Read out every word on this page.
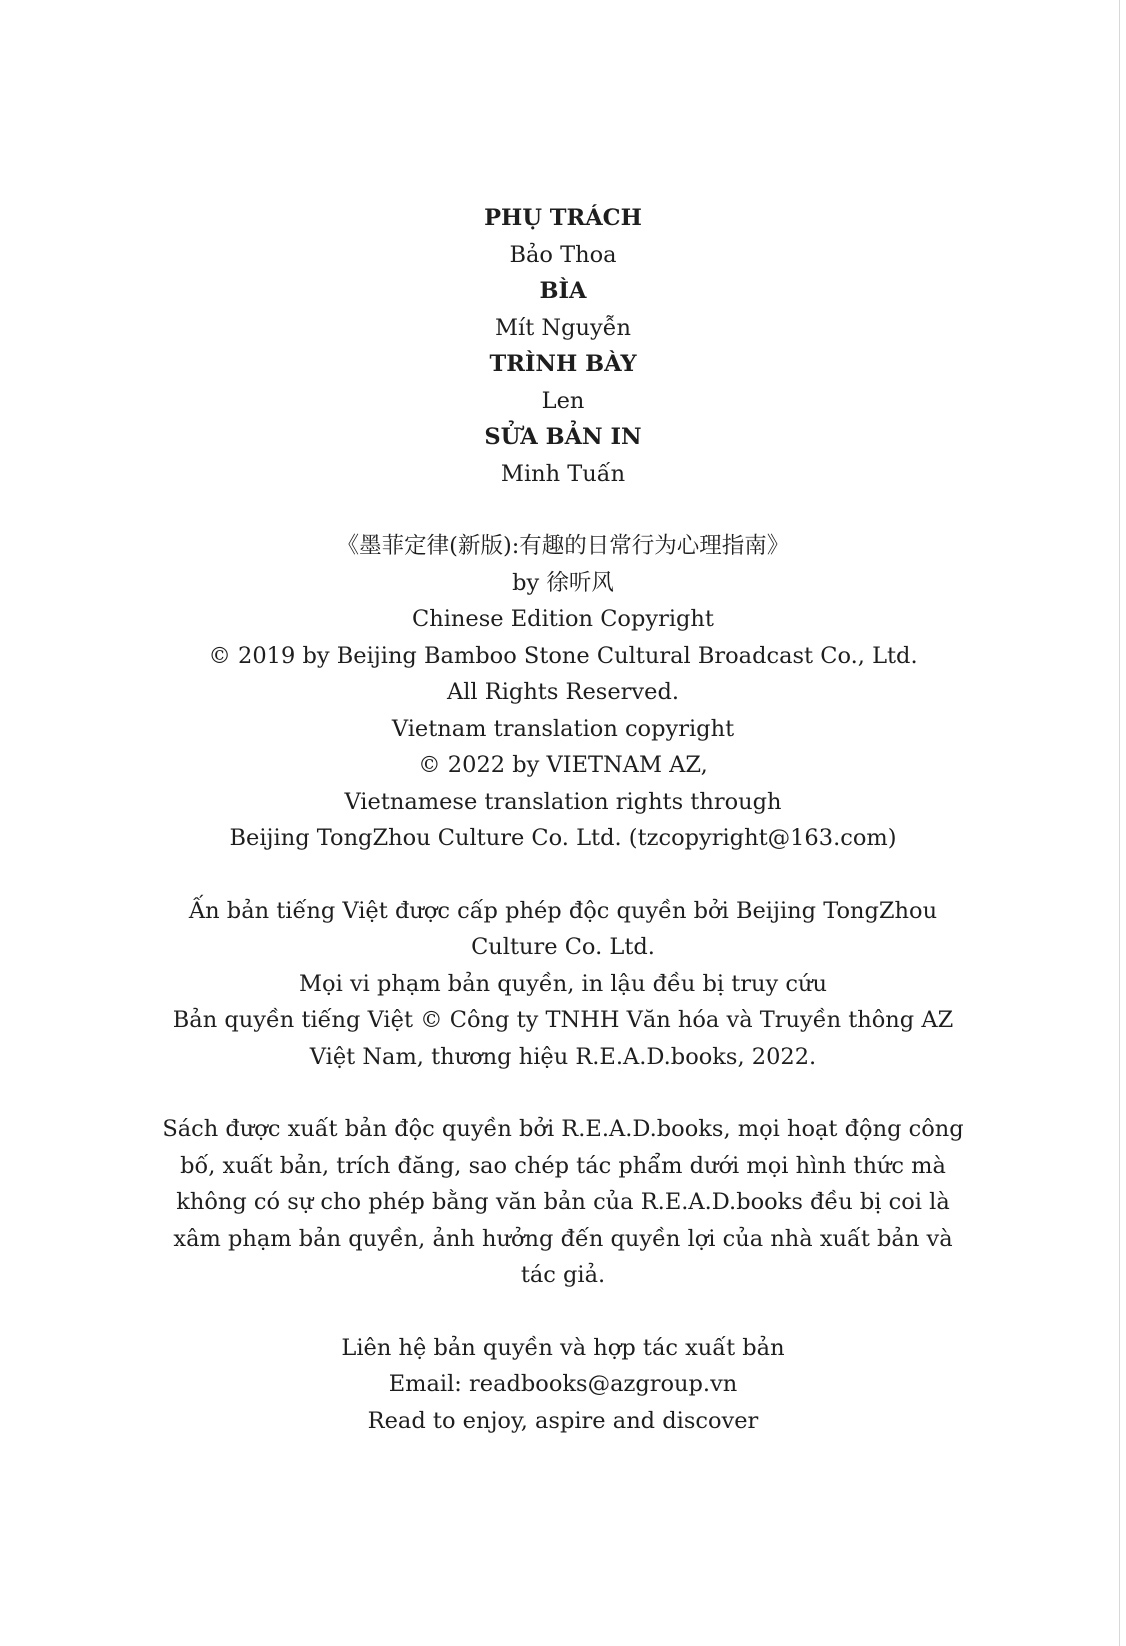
PHỤ TRÁCH
Bảo Thoa
BÌA
Mít Nguyễn
TRÌNH BÀY
Len
SỬA BẢN IN
Minh Tuấn
《墨菲定律(新版):有趣的日常行为心理指南》
by 徐听风
Chinese Edition Copyright
© 2019 by Beijing Bamboo Stone Cultural Broadcast Co., Ltd.
All Rights Reserved.
Vietnam translation copyright
© 2022 by VIETNAM AZ,
Vietnamese translation rights through
Beijing TongZhou Culture Co. Ltd. (tzcopyright@163.com)
Ấn bản tiếng Việt được cấp phép độc quyền bởi Beijing TongZhou
Culture Co. Ltd.
Mọi vi phạm bản quyền, in lậu đều bị truy cứu
Bản quyền tiếng Việt © Công ty TNHH Văn hóa và Truyền thông AZ
Việt Nam, thương hiệu R.E.A.D.books, 2022.
Sách được xuất bản độc quyền bởi R.E.A.D.books, mọi hoạt động công
bố, xuất bản, trích đăng, sao chép tác phẩm dưới mọi hình thức mà
không có sự cho phép bằng văn bản của R.E.A.D.books đều bị coi là
xâm phạm bản quyền, ảnh hưởng đến quyền lợi của nhà xuất bản và
tác giả.
Liên hệ bản quyền và hợp tác xuất bản
Email: readbooks@azgroup.vn
Read to enjoy, aspire and discover
